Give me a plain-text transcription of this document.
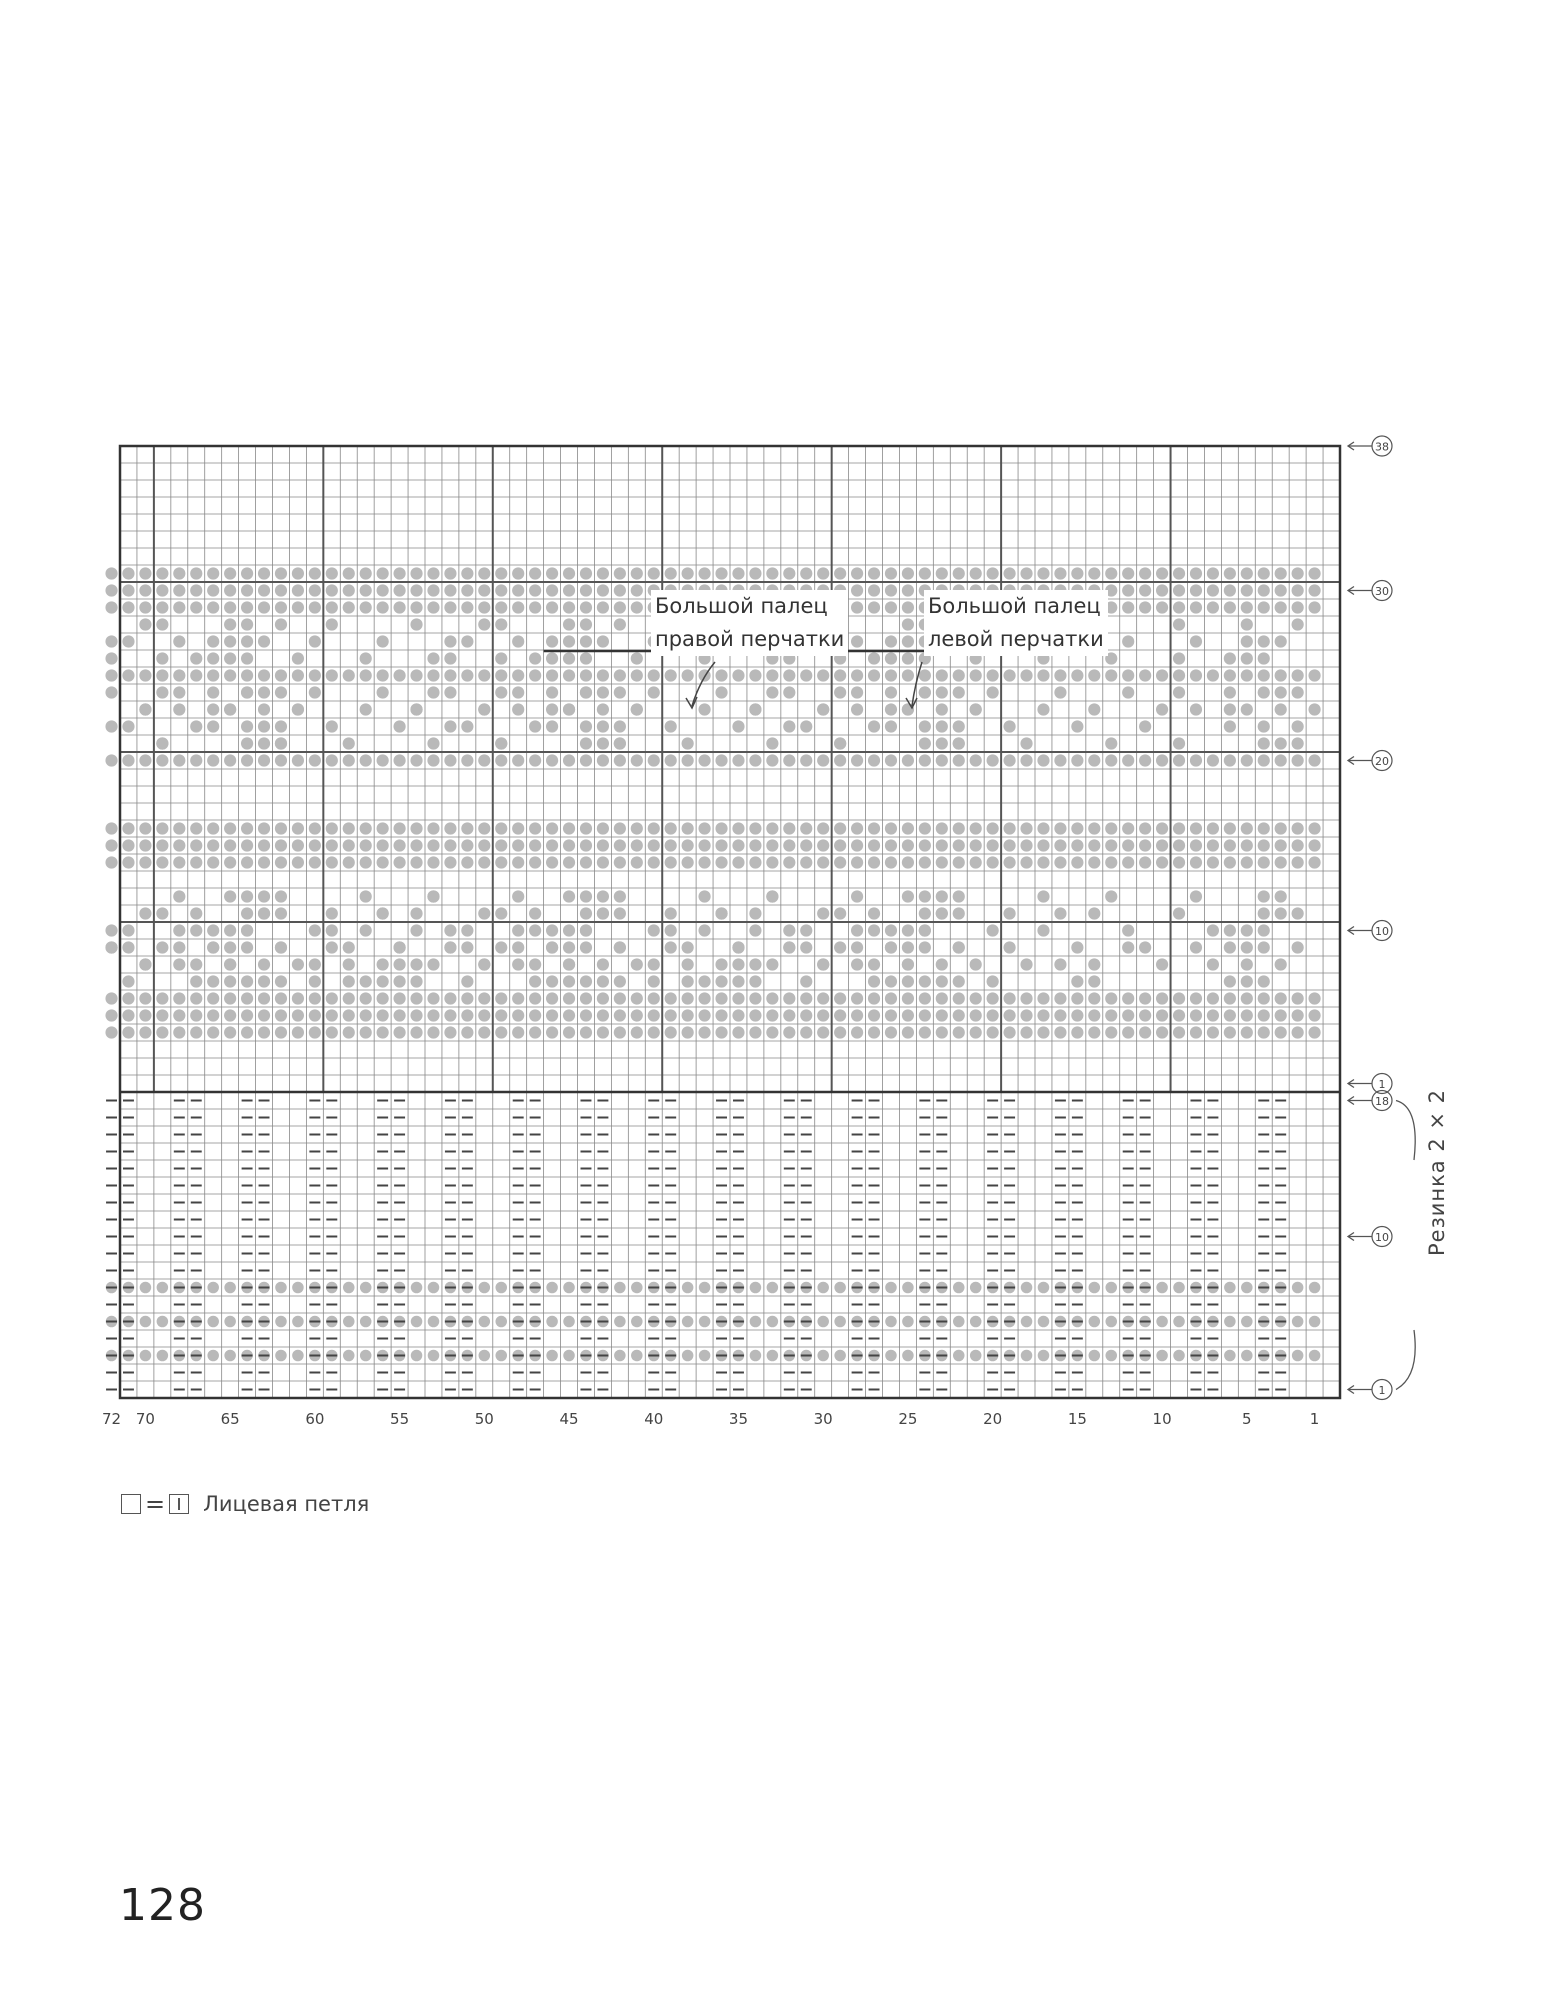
72 70	65	60	55	50	45	40	35	30	25	20	15	10	5	1
38
30
20
10
1
18
10
1
Большой палец
правой перчатки
Большой палец
левой перчатки
Резинка 2 × 2
= Лицевая петля
128
